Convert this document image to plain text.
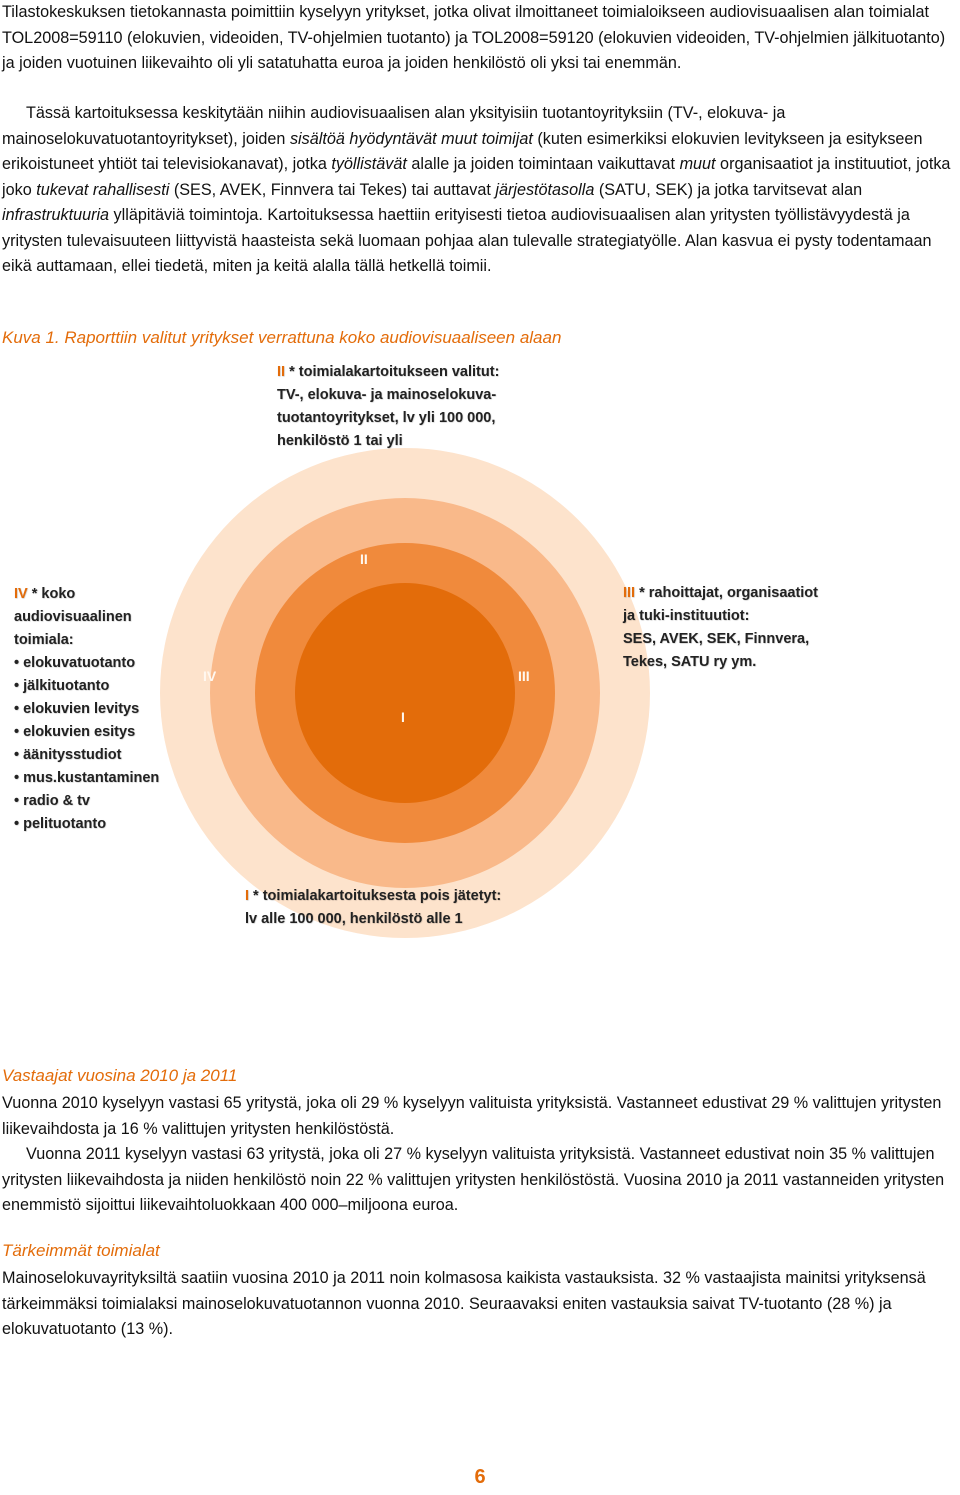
Tilastokeskuksen tietokannasta poimittiin kyselyyn yritykset, jotka olivat ilmoittaneet toimialoikseen audiovisuaalisen alan toimialat TOL2008=59110 (elokuvien, videoiden, TV-ohjelmien tuotanto) ja TOL2008=59120 (elokuvien videoiden, TV-ohjelmien jälkituotanto) ja joiden vuotuinen liikevaihto oli yli satatuhatta euroa ja joiden henkilöstö oli yksi tai enemmän.

Tässä kartoituksessa keskitytään niihin audiovisuaalisen alan yksityisiin tuotantoyrityksiin (TV-, elokuva- ja mainoselokuvatuotantoyritykset), joiden sisältöä hyödyntävät muut toimijat (kuten esimerkiksi elokuvien levitykseen ja esitykseen erikoistuneet yhtiöt tai televisiokanavat), jotka työllistävät alalle ja joiden toimintaan vaikuttavat muut organisaatiot ja instituutiot, jotka joko tukevat rahallisesti (SES, AVEK, Finnvera tai Tekes) tai auttavat järjestötasolla (SATU, SEK) ja jotka tarvitsevat alan infrastruktuuria ylläpitäviä toimintoja. Kartoituksessa haettiin erityisesti tietoa audiovisuaalisen alan yritysten työllistävyydestä ja yritysten tulevaisuuteen liittyvistä haasteista sekä luomaan pohjaa alan tulevalle strategiatyölle. Alan kasvua ei pysty todentamaan eikä auttamaan, ellei tiedetä, miten ja keitä alalla tällä hetkellä toimii.

Kuva 1. Raporttiin valitut yritykset verrattuna koko audiovisuaaliseen alaan
II
IV	III
I
II * toimialakartoitukseen valitut:
TV-, elokuva- ja mainoselokuva-
tuotantoyritykset, lv yli 100 000,
henkilöstö 1 tai yli
III * rahoittajat, organisaatiot
ja tuki-instituutiot:
SES, AVEK, SEK, Finnvera,
Tekes, SATU ry ym.
IV * koko
audiovisuaalinen
toimiala:
• elokuvatuotanto
• jälkituotanto
• elokuvien levitys
• elokuvien esitys
• äänitysstudiot
• mus.kustantaminen
• radio & tv
• pelituotanto
I * toimialakartoituksesta pois jätetyt:
lv alle 100 000, henkilöstö alle 1
Vastaajat vuosina 2010 ja 2011

Vuonna 2010 kyselyyn vastasi 65 yritystä, joka oli 29 % kyselyyn valituista yrityksistä. Vastanneet edustivat 29 % valittujen yritysten liikevaihdosta ja 16 % valittujen yritysten henkilöstöstä.

Vuonna 2011 kyselyyn vastasi 63 yritystä, joka oli 27 % kyselyyn valituista yrityksistä. Vastanneet edustivat noin 35 % valittujen yritysten liikevaihdosta ja niiden henkilöstö noin 22 % valittujen yritysten henkilöstöstä. Vuosina 2010 ja 2011 vastanneiden yritysten enemmistö sijoittui liikevaihtoluokkaan 400 000–miljoona euroa.

Tärkeimmät toimialat

Mainoselokuvayrityksiltä saatiin vuosina 2010 ja 2011 noin kolmasosa kaikista vastauksista. 32 % vastaajista mainitsi yrityksensä tärkeimmäksi toimialaksi mainoselokuvatuotannon vuonna 2010. Seuraavaksi eniten vastauksia saivat TV-tuotanto (28 %) ja elokuvatuotanto (13 %).

6
